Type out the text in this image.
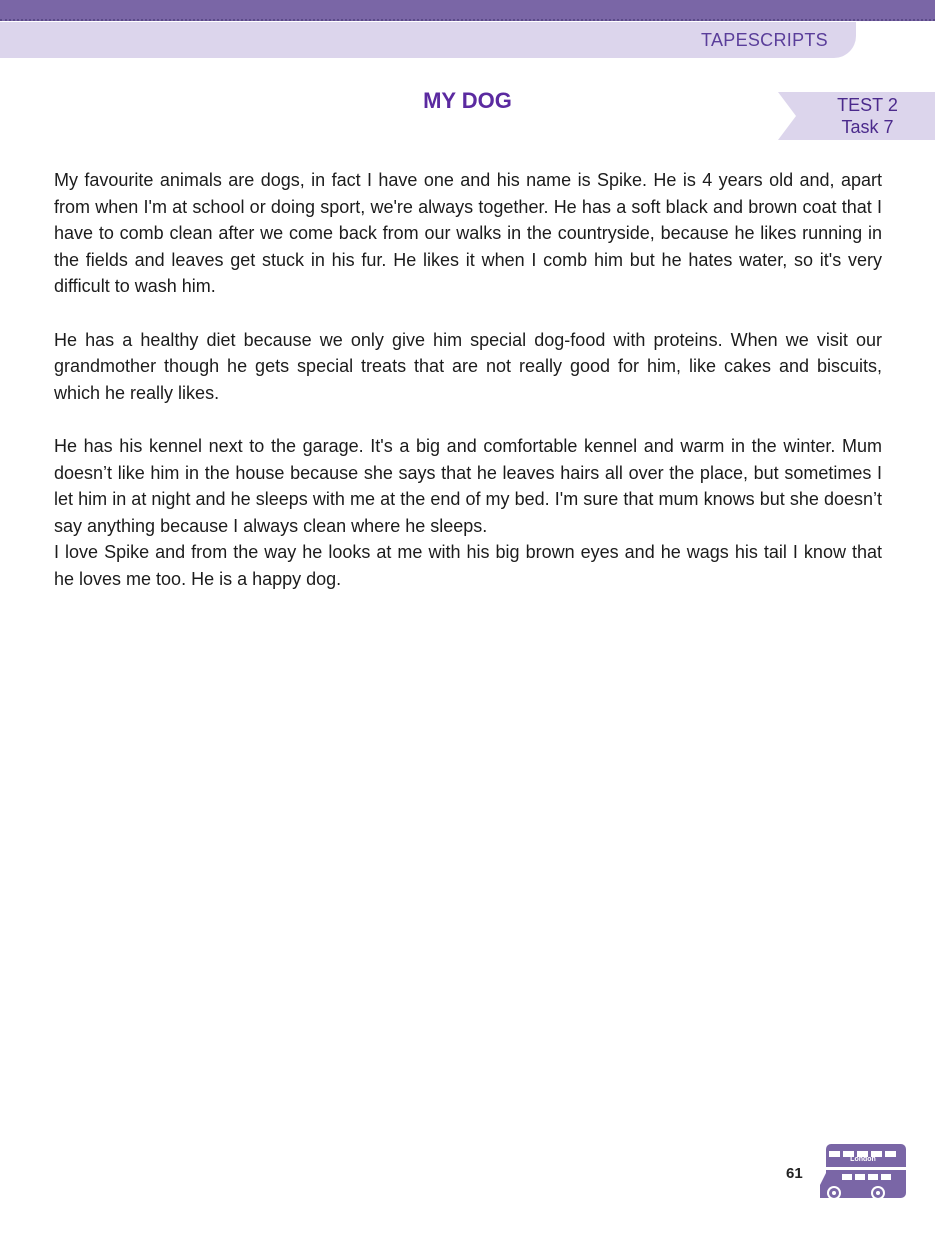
TAPESCRIPTS
MY DOG	TEST 2
Task 7

My favourite animals are dogs, in fact I have one and his name is Spike. He is 4 years old and, apart from when I'm at school or doing sport, we're always together. He has a soft black and brown coat that I have to comb clean after we come back from our walks in the countryside, because he likes running in the fields and leaves get stuck in his fur. He likes it when I comb him but he hates water, so it's very difficult to wash him.

He has a healthy diet because we only give him special dog-food with proteins. When we visit our grandmother though he gets special treats that are not really good for him, like cakes and biscuits, which he really likes.

He has his kennel next to the garage. It's a big and comfortable kennel and warm in the winter. Mum doesn’t like him in the house because she says that he leaves hairs all over the place, but sometimes I let him in at night and he sleeps with me at the end of my bed. I'm sure that mum knows but she doesn’t say anything because I always clean where he sleeps.

I love Spike and from the way he looks at me with his big brown eyes and he wags his tail I know that he loves me too. He is a happy dog.

61
London
